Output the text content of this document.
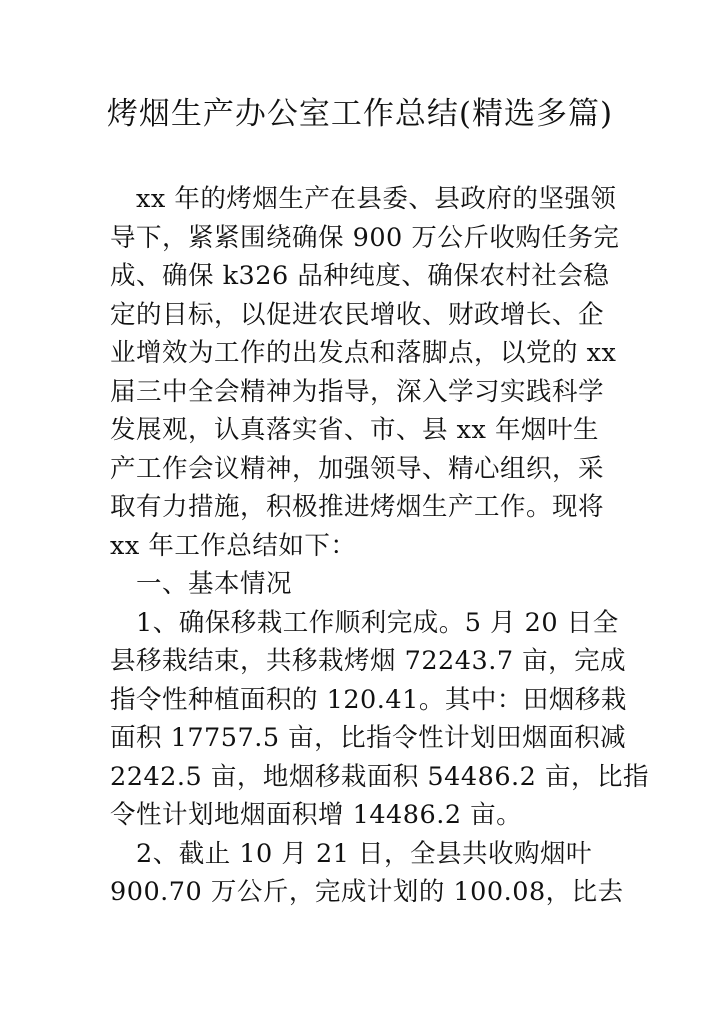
烤烟生产办公室工作总结(精选多篇)
xx 年的烤烟生产在县委、县政府的坚强领
导下，紧紧围绕确保 900 万公斤收购任务完
成、确保 k326 品种纯度、确保农村社会稳
定的目标，以促进农民增收、财政增长、企
业增效为工作的出发点和落脚点，以党的 xx
届三中全会精神为指导，深入学习实践科学
发展观，认真落实省、市、县 xx 年烟叶生
产工作会议精神，加强领导、精心组织，采
取有力措施，积极推进烤烟生产工作。现将
xx 年工作总结如下：
一、基本情况
1、确保移栽工作顺利完成。5 月 20 日全
县移栽结束，共移栽烤烟 72243.7 亩，完成
指令性种植面积的 120.41。其中：田烟移栽
面积 17757.5 亩，比指令性计划田烟面积减
2242.5 亩，地烟移栽面积 54486.2 亩，比指
令性计划地烟面积增 14486.2 亩。
2、截止 10 月 21 日，全县共收购烟叶
900.70 万公斤，完成计划的 100.08，比去
